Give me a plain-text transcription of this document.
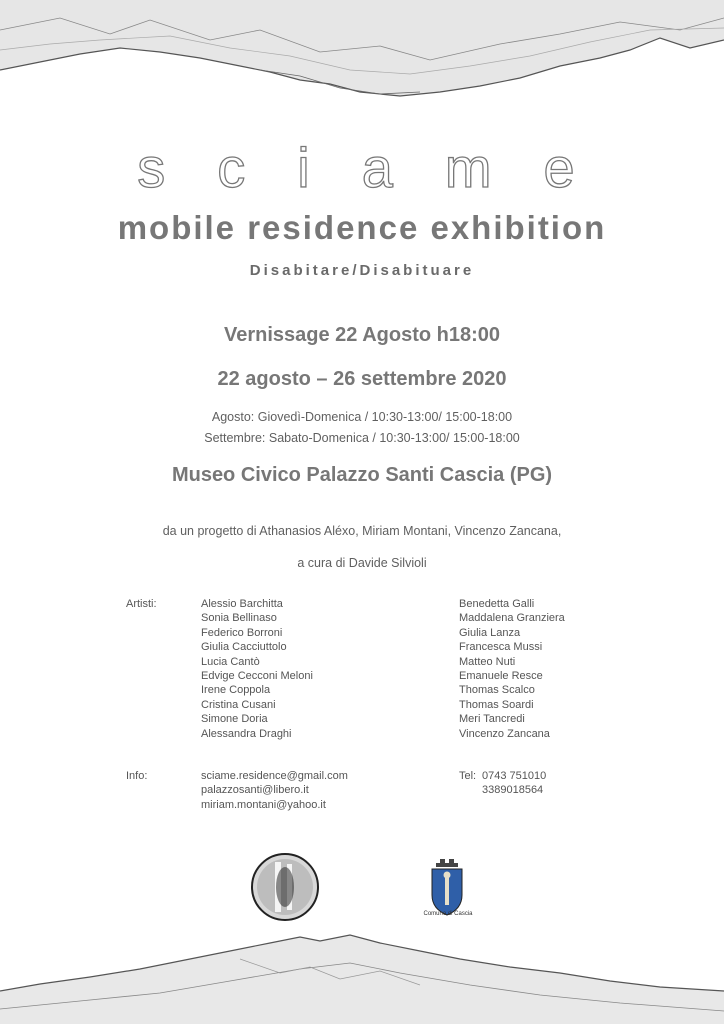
sciame
mobile residence exhibition
Disabitare/Disabituare
Vernissage 22 Agosto h18:00
22 agosto – 26 settembre 2020
Agosto: Giovedì-Domenica / 10:30-13:00/ 15:00-18:00
Settembre: Sabato-Domenica / 10:30-13:00/ 15:00-18:00
Museo Civico Palazzo Santi Cascia (PG)
da un progetto di Athanasios Aléxo, Miriam Montani, Vincenzo Zancana,
a cura di Davide Silvioli
Artisti:	Alessio Barchitta
Sonia Bellinaso
Federico Borroni
Giulia Cacciuttolo
Lucia Cantò
Edvige Cecconi Meloni
Irene Coppola
Cristina Cusani
Simone Doria
Alessandra Draghi
Benedetta Galli
Maddalena Granziera
Giulia Lanza
Francesca Mussi
Matteo Nuti
Emanuele Resce
Thomas Scalco
Thomas Soardi
Meri Tancredi
Vincenzo Zancana
Info:	sciame.residence@gmail.com
palazzosanti@libero.it
miriam.montani@yahoo.it
Tel: 0743 751010
3389018564
Comune di Cascia
